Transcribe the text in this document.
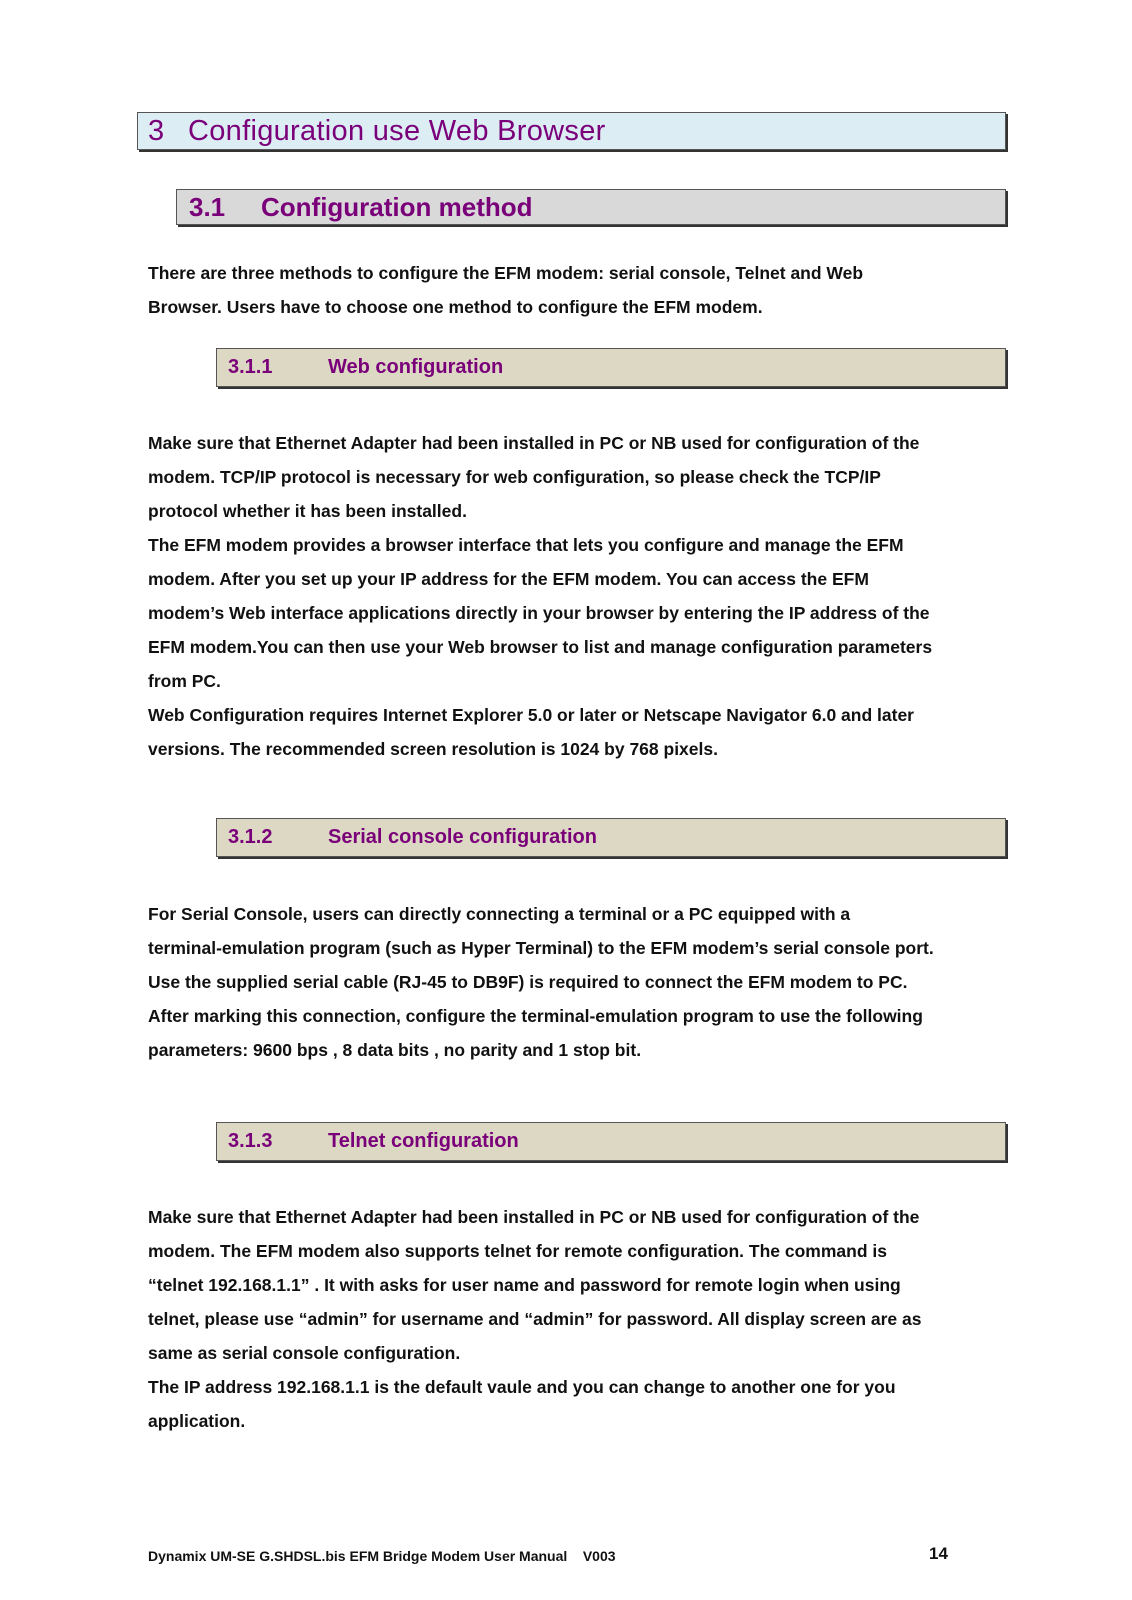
3 Configuration use Web Browser
3.1	Configuration method

There are three methods to configure the EFM modem: serial console, Telnet and Web

Browser. Users have to choose one method to configure the EFM modem.

3.1.1	Web configuration

Make sure that Ethernet Adapter had been installed in PC or NB used for configuration of the

modem. TCP/IP protocol is necessary for web configuration, so please check the TCP/IP

protocol whether it has been installed.

The EFM modem provides a browser interface that lets you configure and manage the EFM

modem. After you set up your IP address for the EFM modem. You can access the EFM

modem’s Web interface applications directly in your browser by entering the IP address of the

EFM modem.You can then use your Web browser to list and manage configuration parameters

from PC.

Web Configuration requires Internet Explorer 5.0 or later or Netscape Navigator 6.0 and later

versions. The recommended screen resolution is 1024 by 768 pixels.

3.1.2	Serial console configuration

For Serial Console, users can directly connecting a terminal or a PC equipped with a

terminal-emulation program (such as Hyper Terminal) to the EFM modem’s serial console port.

Use the supplied serial cable (RJ-45 to DB9F) is required to connect the EFM modem to PC.

After marking this connection, configure the terminal-emulation program to use the following

parameters: 9600 bps , 8 data bits , no parity and 1 stop bit.

3.1.3	Telnet configuration

Make sure that Ethernet Adapter had been installed in PC or NB used for configuration of the

modem. The EFM modem also supports telnet for remote configuration. The command is

“telnet 192.168.1.1” . It with asks for user name and password for remote login when using

telnet, please use “admin” for username and “admin” for password. All display screen are as

same as serial console configuration.

The IP address 192.168.1.1 is the default vaule and you can change to another one for you

application.

Dynamix UM-SE G.SHDSL.bis EFM Bridge Modem User Manual    V003	14
